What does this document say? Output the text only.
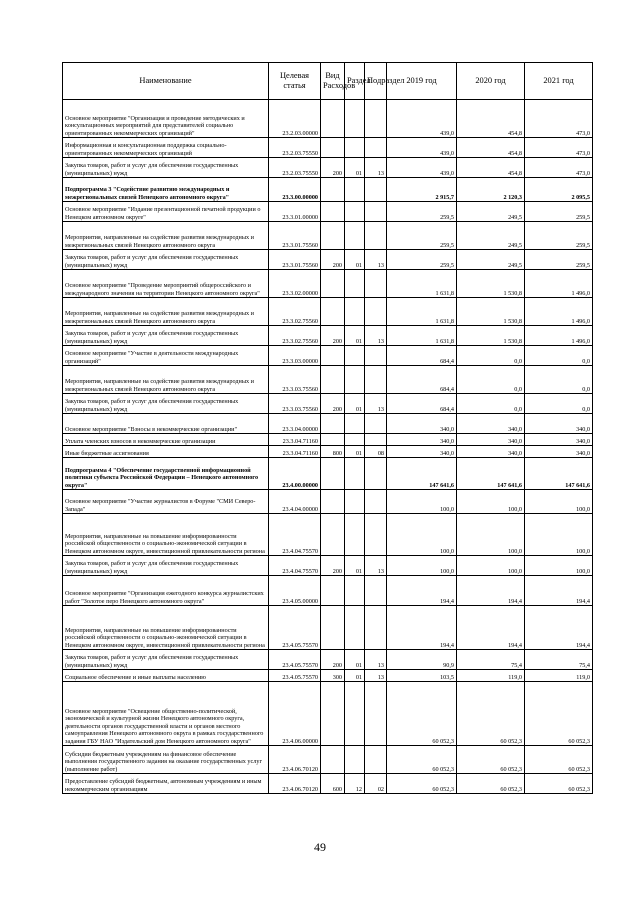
Наименование	Целевая статья	Вид Расходов	Раздел	Подраздел	2019 год	2020 год	2021 год
Основное мероприятие "Организация и проведение методических и консультационных мероприятий для представителей социально ориентированных некоммерческих организаций"	23.2.03.00000				439,0	454,8	473,0
Информационная и консультационная поддержка социально-ориентированных некоммерческих организаций	23.2.03.75550				439,0	454,8	473,0
Закупка товаров, работ и услуг для обеспечения государственных (муниципальных) нужд	23.2.03.75550	200	01	13	439,0	454,8	473,0
Подпрограмма 3 "Содействие развитию международных и межрегиональных связей Ненецкого автономного округа"	23.3.00.00000				2 915,7	2 120,3	2 095,5
Основное мероприятие "Издание презентационной печатной продукции о Ненецком автономном округе"	23.3.01.00000				259,5	249,5	259,5
Мероприятия, направленные на содействие развития международных и межрегиональных связей Ненецкого автономного округа	23.3.01.75560				259,5	249,5	259,5
Закупка товаров, работ и услуг для обеспечения государственных (муниципальных) нужд	23.3.01.75560	200	01	13	259,5	249,5	259,5
Основное мероприятие "Проведение мероприятий общероссийского и международного значения на территории Ненецкого автономного округа"	23.3.02.00000				1 631,8	1 530,8	1 496,0
Мероприятия, направленные на содействие развития международных и межрегиональных связей Ненецкого автономного округа	23.3.02.75560				1 631,8	1 530,8	1 496,0
Закупка товаров, работ и услуг для обеспечения государственных (муниципальных) нужд	23.3.02.75560	200	01	13	1 631,8	1 530,8	1 496,0
Основное мероприятие "Участие в деятельности международных организаций"	23.3.03.00000				684,4	0,0	0,0
Мероприятия, направленные на содействие развития международных и межрегиональных связей Ненецкого автономного округа	23.3.03.75560				684,4	0,0	0,0
Закупка товаров, работ и услуг для обеспечения государственных (муниципальных) нужд	23.3.03.75560	200	01	13	684,4	0,0	0,0
Основное мероприятие "Взносы в некоммерческие организации"	23.3.04.00000				340,0	340,0	340,0
Уплата членских взносов в некоммерческие организации	23.3.04.71160				340,0	340,0	340,0
Иные бюджетные ассигнования	23.3.04.71160	800	01	08	340,0	340,0	340,0
Подпрограмма 4 "Обеспечение государственной информационной политики субъекта Российской Федерации – Ненецкого автономного округа"	23.4.00.00000				147 641,6	147 641,6	147 641,6
Основное мероприятие "Участие журналистов в Форуме "СМИ Северо-Запада"	23.4.04.00000				100,0	100,0	100,0
Мероприятия, направленные на повышение информированности российской общественности о социально-экономической ситуации в Ненецком автономном округе, инвестиционной привлекательности региона	23.4.04.75570				100,0	100,0	100,0
Закупка товаров, работ и услуг для обеспечения государственных (муниципальных) нужд	23.4.04.75570	200	01	13	100,0	100,0	100,0
Основное мероприятие "Организация ежегодного конкурса журналистских работ "Золотое перо Ненецкого автономного округа"	23.4.05.00000				194,4	194,4	194,4
Мероприятия, направленные на повышение информированности российской общественности о социально-экономической ситуации в Ненецком автономном округе, инвестиционной привлекательности региона	23.4.05.75570				194,4	194,4	194,4
Закупка товаров, работ и услуг для обеспечения государственных (муниципальных) нужд	23.4.05.75570	200	01	13	90,9	75,4	75,4
Социальное обеспечение и иные выплаты населению	23.4.05.75570	300	01	13	103,5	119,0	119,0
Основное мероприятие "Освещение общественно-политической, экономической и культурной жизни Ненецкого автономного округа, деятельности органов государственной власти и органов местного самоуправления Ненецкого автономного округа в рамках государственного задания ГБУ НАО "Издательский дом Ненецкого автономного округа"	23.4.06.00000				60 052,3	60 052,3	60 052,3
Субсидии бюджетным учреждениям на финансовое обеспечение выполнения государственного задания на оказание государственных услуг (выполнение работ)	23.4.06.70120				60 052,3	60 052,3	60 052,3
Предоставление субсидий бюджетным, автономным учреждениям и иным некоммерческим организациям	23.4.06.70120	600	12	02	60 052,3	60 052,3	60 052,3
49
